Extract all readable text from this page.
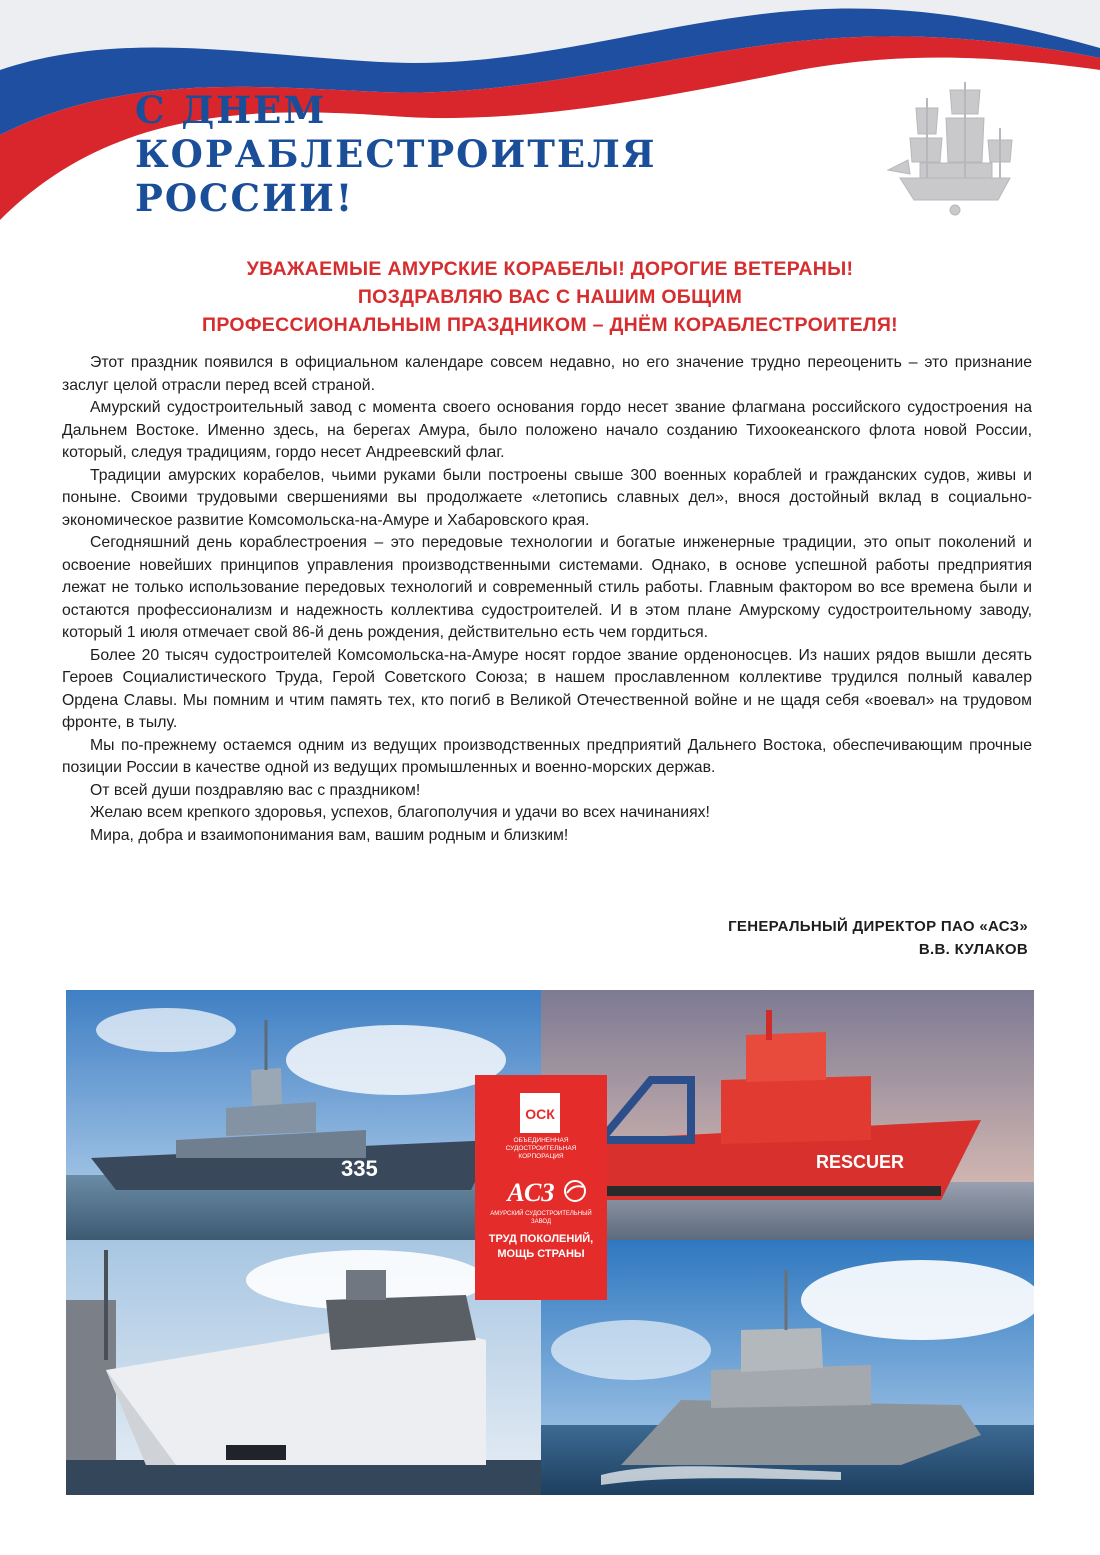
С ДНЕМ
КОРАБЛЕСТРОИТЕЛЯ
РОССИИ!
УВАЖАЕМЫЕ АМУРСКИЕ КОРАБЕЛЫ! ДОРОГИЕ ВЕТЕРАНЫ!
ПОЗДРАВЛЯЮ ВАС С НАШИМ ОБЩИМ
ПРОФЕССИОНАЛЬНЫМ ПРАЗДНИКОМ – ДНЁМ КОРАБЛЕСТРОИТЕЛЯ!

Этот праздник появился в официальном календаре совсем недавно, но его значение трудно переоценить – это признание заслуг целой отрасли перед всей страной.

Амурский судостроительный завод с момента своего основания гордо несет звание флагмана российского судостроения на Дальнем Востоке. Именно здесь, на берегах Амура, было положено начало созданию Тихоокеанского флота новой России, который, следуя традициям, гордо несет Андреевский флаг.

Традиции амурских корабелов, чьими руками были построены свыше 300 военных кораблей и гражданских судов, живы и поныне. Своими трудовыми свершениями вы продолжаете «летопись славных дел», внося достойный вклад в социально-экономическое развитие Комсомольска-на-Амуре и Хабаровского края.

Сегодняшний день кораблестроения – это передовые технологии и богатые инженерные традиции, это опыт поколений и освоение новейших принципов управления производственными системами. Однако, в основе успешной работы предприятия лежат не только использование передовых технологий и современный стиль работы. Главным фактором во все времена были и остаются профессионализм и надежность коллектива судостроителей. И в этом плане Амурскому судостроительному заводу, который 1 июля отмечает свой 86-й день рождения, действительно есть чем гордиться.

Более 20 тысяч судостроителей Комсомольска-на-Амуре носят гордое звание орденоносцев. Из наших рядов вышли десять Героев Социалистического Труда, Герой Советского Союза; в нашем прославленном коллективе трудился полный кавалер Ордена Славы. Мы помним и чтим память тех, кто погиб в Великой Отечественной войне и не щадя себя «воевал» на трудовом фронте, в тылу.

Мы по-прежнему остаемся одним из ведущих производственных предприятий Дальнего Востока, обеспечивающим прочные позиции России в качестве одной из ведущих промышленных и военно-морских держав.

От всей души поздравляю вас с праздником!

Желаю всем крепкого здоровья, успехов, благополучия и удачи во всех начинаниях!

Мира, добра и взаимопонимания вам, вашим родным и близким!

ГЕНЕРАЛЬНЫЙ ДИРЕКТОР ПАО «АСЗ»
В.В. КУЛАКОВ
335	RESCUER
ОСК
ОБЪЕДИНЕННАЯ СУДОСТРОИТЕЛЬНАЯ КОРПОРАЦИЯ
АСЗ
АМУРСКИЙ СУДОСТРОИТЕЛЬНЫЙ ЗАВОД
ТРУД ПОКОЛЕНИЙ,
МОЩЬ СТРАНЫ
